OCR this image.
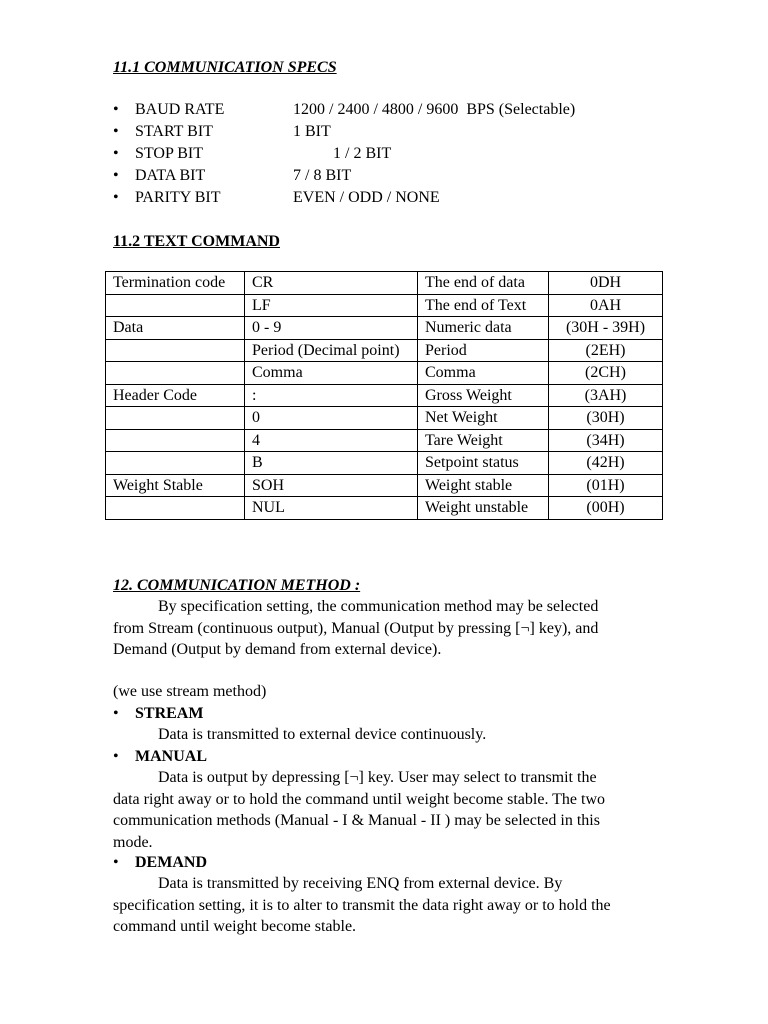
11.1 COMMUNICATION SPECS
•	BAUD RATE	1200 / 2400 / 4800 / 9600  BPS (Selectable)
•	START BIT	1 BIT
•	STOP BIT	1 / 2 BIT
•	DATA BIT	7 / 8 BIT
•	PARITY BIT	EVEN / ODD / NONE
11.2 TEXT COMMAND
Termination code	CR	The end of data	0DH
	LF	The end of Text	0AH
Data	0 - 9	Numeric data	(30H - 39H)
	Period (Decimal point)	Period	(2EH)
	Comma	Comma	(2CH)
Header Code	:	Gross Weight	(3AH)
	0	Net Weight	(30H)
	4	Tare Weight	(34H)
	B	Setpoint status	(42H)
Weight Stable	SOH	Weight stable	(01H)
	NUL	Weight unstable	(00H)
12. COMMUNICATION METHOD :
By specification setting, the communication method may be selected
from Stream (continuous output), Manual (Output by pressing [¬] key), and
Demand (Output by demand from external device).
(we use stream method)
• STREAM
Data is transmitted to external device continuously.
• MANUAL
Data is output by depressing [¬] key. User may select to transmit the
data right away or to hold the command until weight become stable. The two
communication methods (Manual - I & Manual - II ) may be selected in this
mode.
• DEMAND
Data is transmitted by receiving ENQ from external device. By
specification setting, it is to alter to transmit the data right away or to hold the
command until weight become stable.
